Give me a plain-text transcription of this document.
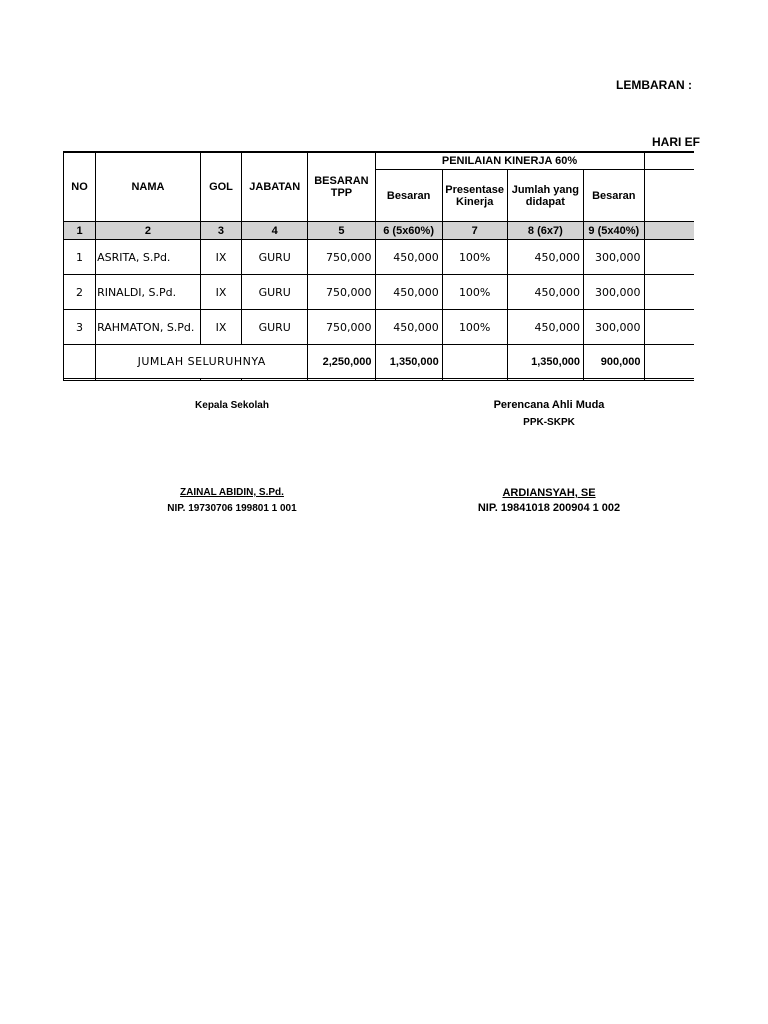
LEMBARAN :
HARI EF
NO	NAMA	GOL	JABATAN	BESARAN TPP	PENILAIAN KINERJA 60%				
					Besaran	Presentase Kinerja	Jumlah yang didapat	Besaran	
1	2	3	4	5	6 (5x60%)	7	8 (6x7)	9 (5x40%)	
1	ASRITA, S.Pd.	IX	GURU	750,000	450,000	100%	450,000	300,000	
2	RINALDI, S.Pd.	IX	GURU	750,000	450,000	100%	450,000	300,000	
3	RAHMATON, S.Pd.	IX	GURU	750,000	450,000	100%	450,000	300,000	
	JUMLAH SELURUHNYA			2,250,000	1,350,000		1,350,000	900,000	

Kepala Sekolah
ZAINAL ABIDIN, S.Pd.
NIP. 19730706 199801 1 001
Perencana Ahli Muda
PPK-SKPK
ARDIANSYAH, SE
NIP. 19841018 200904 1 002
